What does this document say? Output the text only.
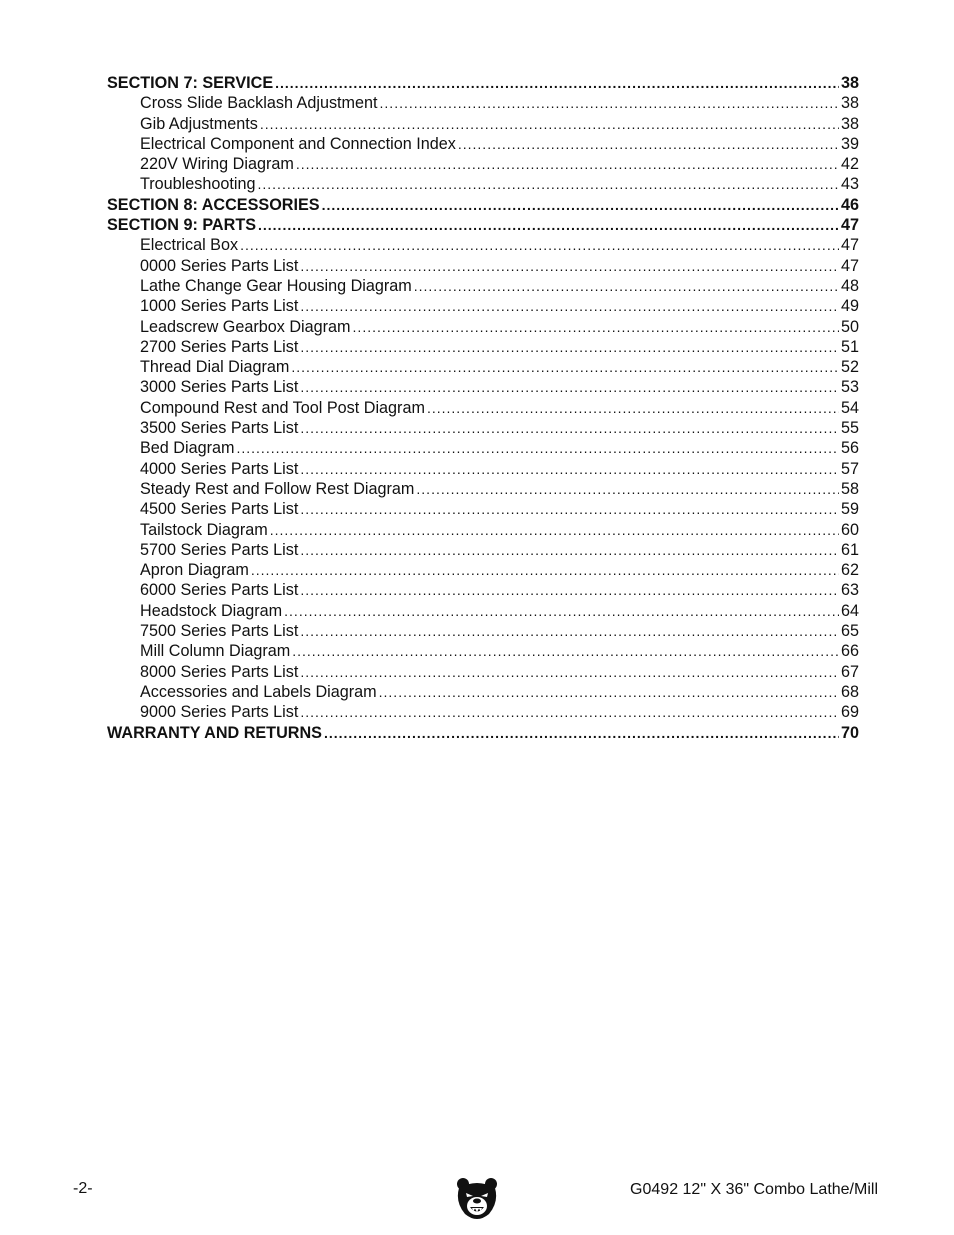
SECTION 7: SERVICE .....	38
Cross Slide Backlash Adjustment .....	38
Gib Adjustments .....	38
Electrical Component and Connection Index .....	39
220V Wiring Diagram .....	42
Troubleshooting .....	43
SECTION 8: ACCESSORIES .....	46
SECTION 9: PARTS .....	47
Electrical Box .....	47
0000 Series Parts List .....	47
Lathe Change Gear Housing Diagram .....	48
1000 Series Parts List .....	49
Leadscrew Gearbox Diagram .....	50
2700 Series Parts List .....	51
Thread Dial Diagram .....	52
3000 Series Parts List .....	53
Compound Rest and Tool Post Diagram .....	54
3500 Series Parts List .....	55
Bed Diagram .....	56
4000 Series Parts List .....	57
Steady Rest and Follow Rest Diagram .....	58
4500 Series Parts List .....	59
Tailstock Diagram .....	60
5700 Series Parts List .....	61
Apron Diagram .....	62
6000 Series Parts List .....	63
Headstock Diagram .....	64
7500 Series Parts List .....	65
Mill Column Diagram .....	66
8000 Series Parts List .....	67
Accessories and Labels Diagram .....	68
9000 Series Parts List .....	69
WARRANTY AND RETURNS .....	70
-2-	G0492 12" X 36" Combo Lathe/Mill
